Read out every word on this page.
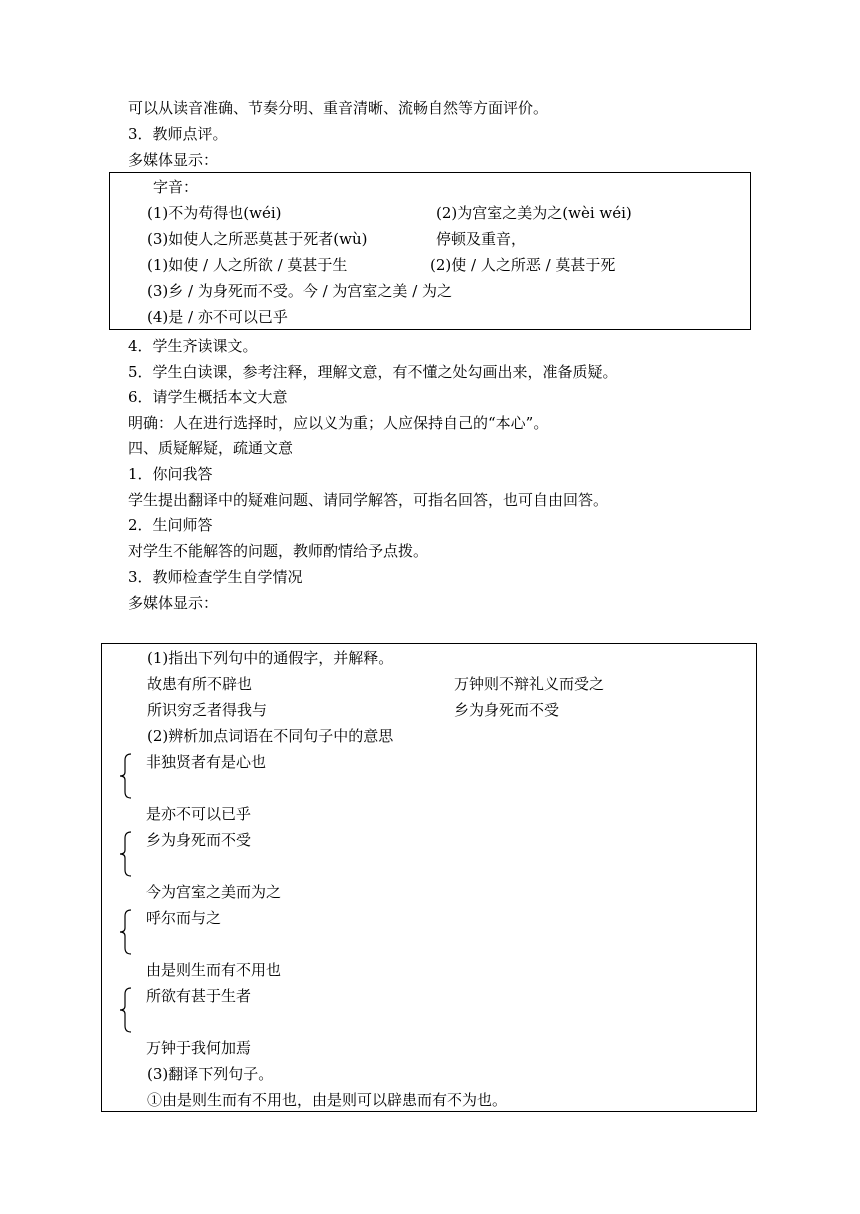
可以从读音准确、节奏分明、重音清晰、流畅自然等方面评价。
3．教师点评。
多媒体显示：
字音：
(1)不为苟得也(wéi)	(2)为宫室之美为之(wèi wéi)
(3)如使人之所恶莫甚于死者(wù)	停顿及重音，
(1)如使 / 人之所欲 / 莫甚于生	(2)使 / 人之所恶 / 莫甚于死
(3)乡 / 为身死而不受。今 / 为宫室之美 / 为之
(4)是 / 亦不可以已乎
4．学生齐读课文。
5．学生白读课，参考注释，理解文意，有不懂之处勾画出来，准备质疑。
6．请学生概括本文大意
明确：人在进行选择时，应以义为重；人应保持自己的“本心”。
四、质疑解疑，疏通文意
1．你问我答
学生提出翻译中的疑难问题、请同学解答，可指名回答，也可自由回答。
2．生问师答
对学生不能解答的问题，教师酌情给予点拨。
3．教师检查学生自学情况
多媒体显示：
(1)指出下列句中的通假字，并解释。
故患有所不辟也	万钟则不辩礼义而受之
所识穷乏者得我与	乡为身死而不受
(2)辨析加点词语在不同句子中的意思
非独贤者有是心也
是亦不可以已乎
乡为身死而不受
今为宫室之美而为之
呼尔而与之
由是则生而有不用也
所欲有甚于生者
万钟于我何加焉
(3)翻译下列句子。
①由是则生而有不用也，由是则可以辟患而有不为也。
